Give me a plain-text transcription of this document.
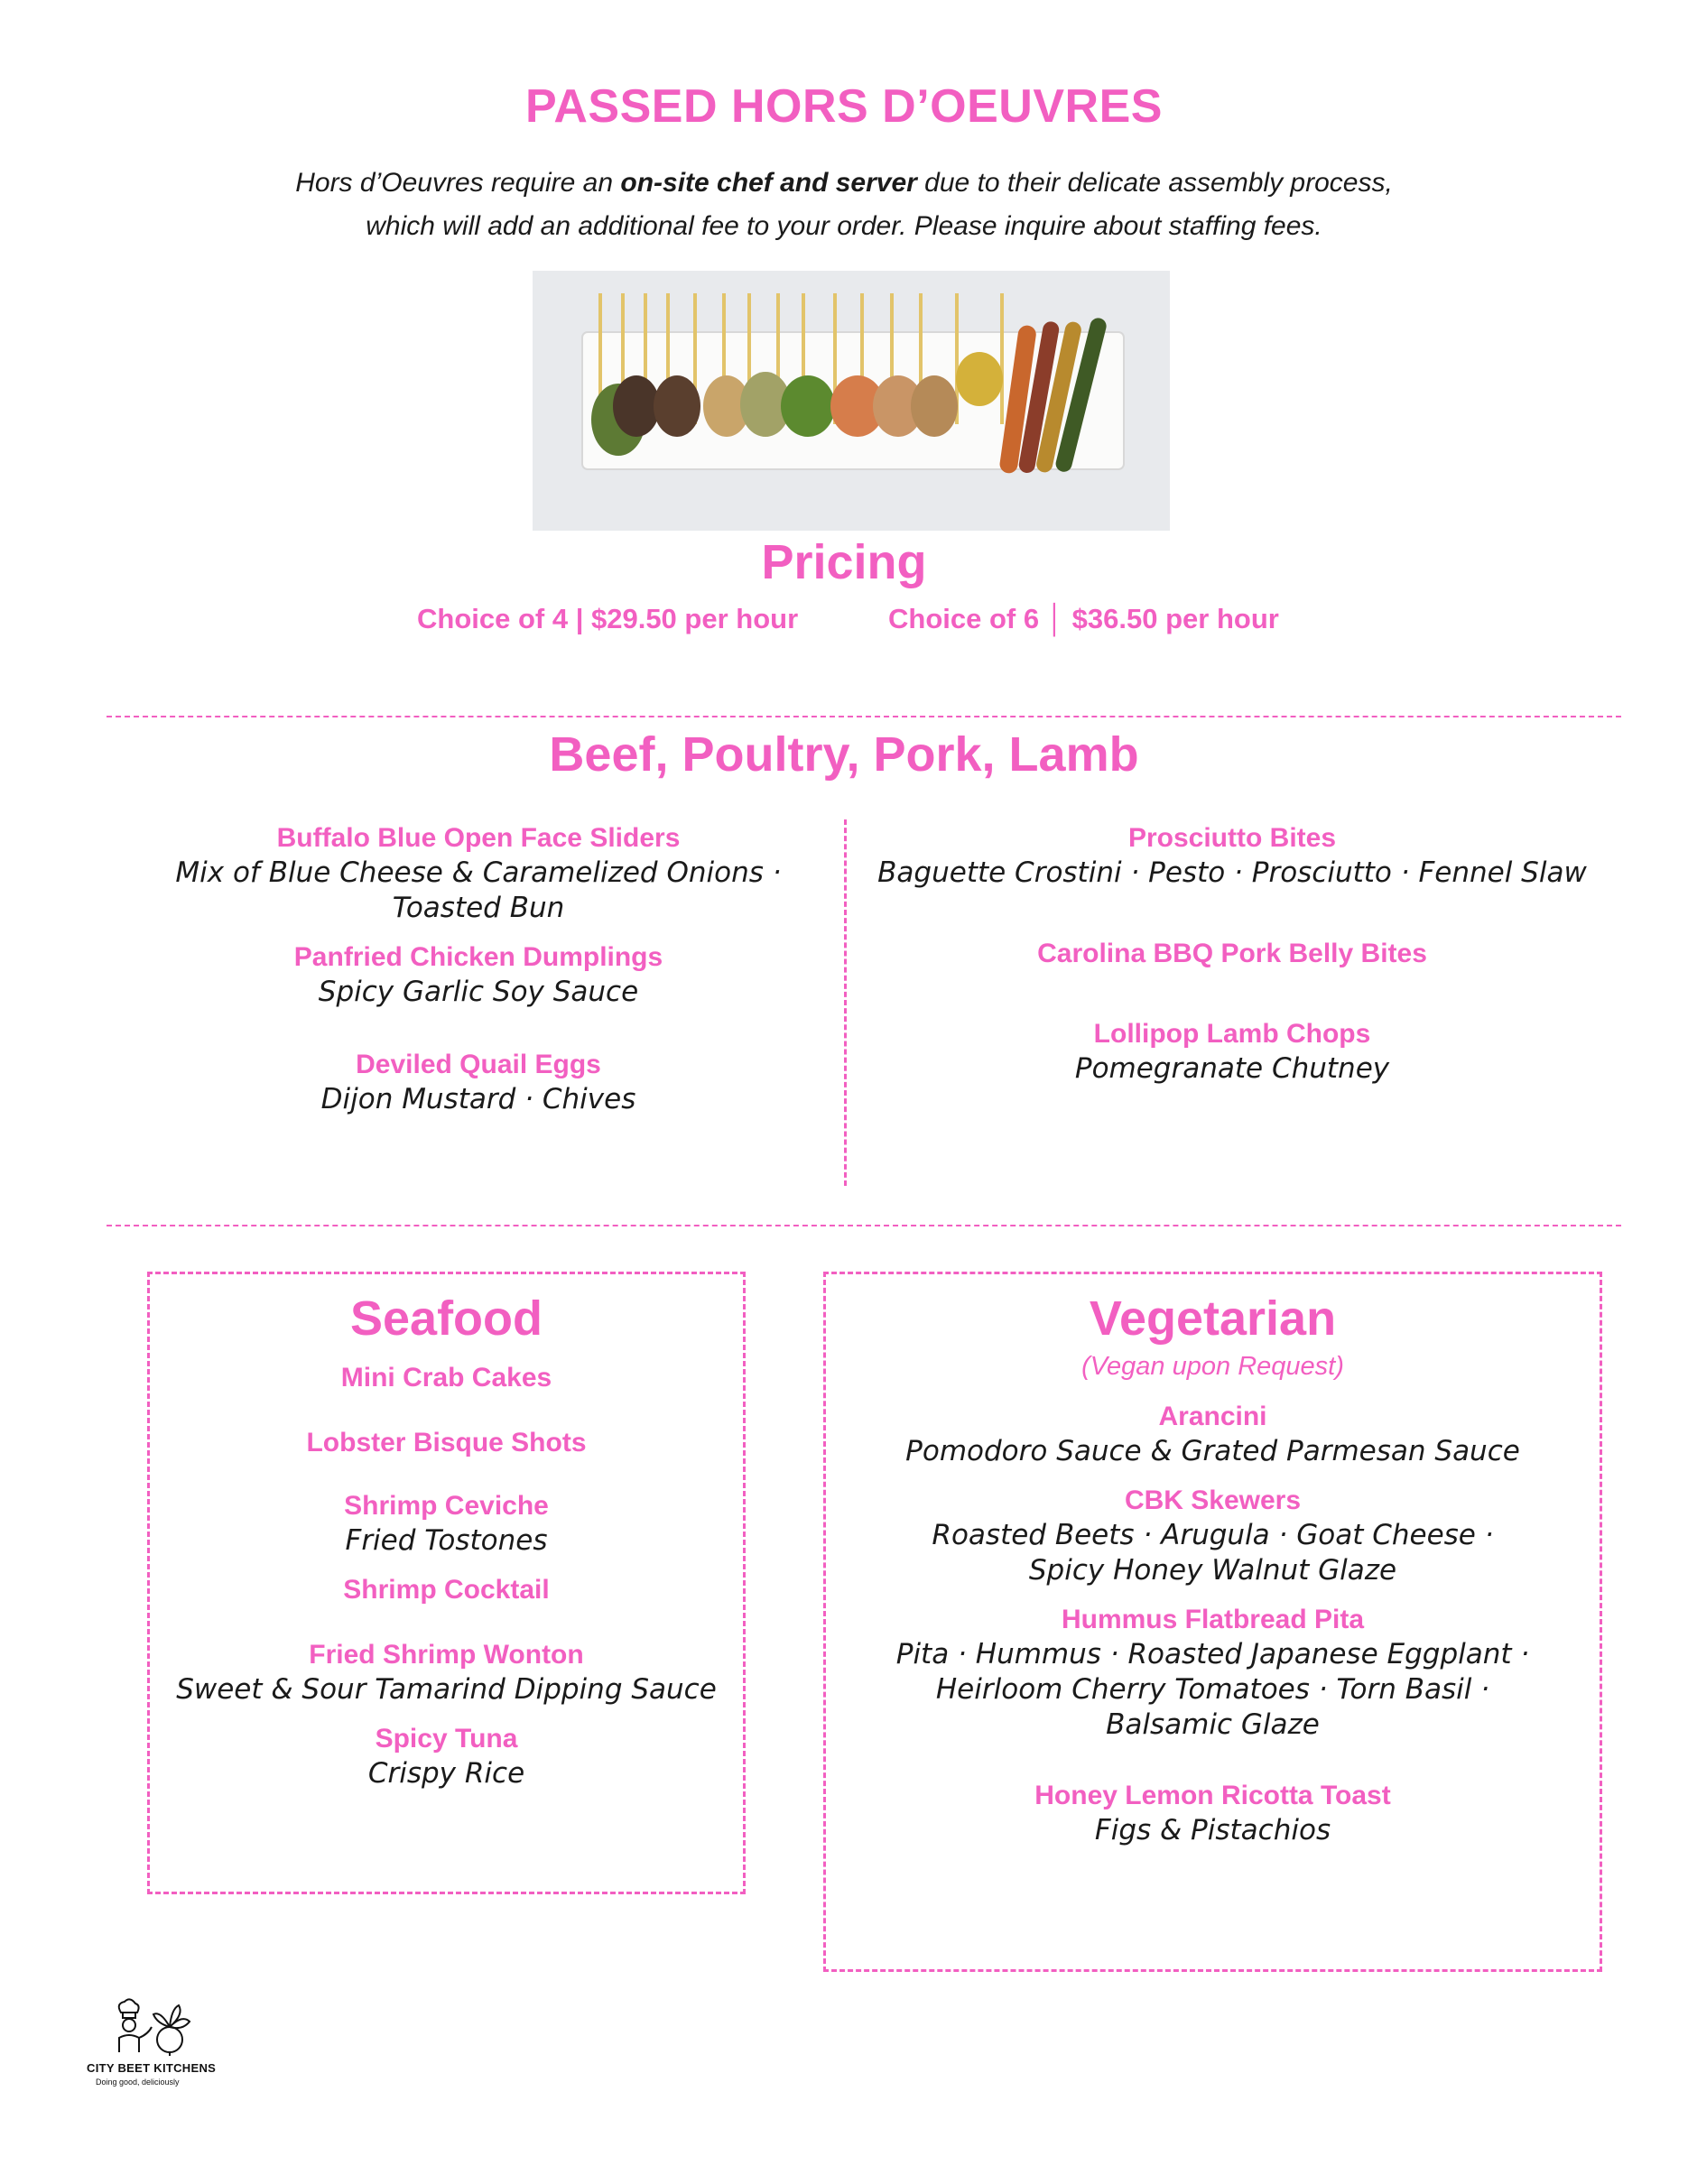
PASSED HORS D’OEUVRES
Hors d’Oeuvres require an on-site chef and server due to their delicate assembly process,
which will add an additional fee to your order. Please inquire about staffing fees.
Pricing
Choice of 4 | $29.50 per hour	Choice of 6 │ $36.50 per hour
Beef, Poultry, Pork, Lamb
Buffalo Blue Open Face Sliders
Mix of Blue Cheese & Caramelized Onions ·
Toasted Bun
Panfried Chicken Dumplings
Spicy Garlic Soy Sauce
Deviled Quail Eggs
Dijon Mustard · Chives
Prosciutto Bites
Baguette Crostini · Pesto · Prosciutto · Fennel Slaw
Carolina BBQ Pork Belly Bites
Lollipop Lamb Chops
Pomegranate Chutney
Seafood
Mini Crab Cakes
Lobster Bisque Shots
Shrimp Ceviche
Fried Tostones
Shrimp Cocktail
Fried Shrimp Wonton
Sweet & Sour Tamarind Dipping Sauce
Spicy Tuna
Crispy Rice
Vegetarian
(Vegan upon Request)
Arancini
Pomodoro Sauce & Grated Parmesan Sauce
CBK Skewers
Roasted Beets · Arugula · Goat Cheese ·
Spicy Honey Walnut Glaze
Hummus Flatbread Pita
Pita · Hummus · Roasted Japanese Eggplant ·
Heirloom Cherry Tomatoes · Torn Basil ·
Balsamic Glaze
Honey Lemon Ricotta Toast
Figs & Pistachios
CITY BEET KITCHENS
Doing good, deliciously
